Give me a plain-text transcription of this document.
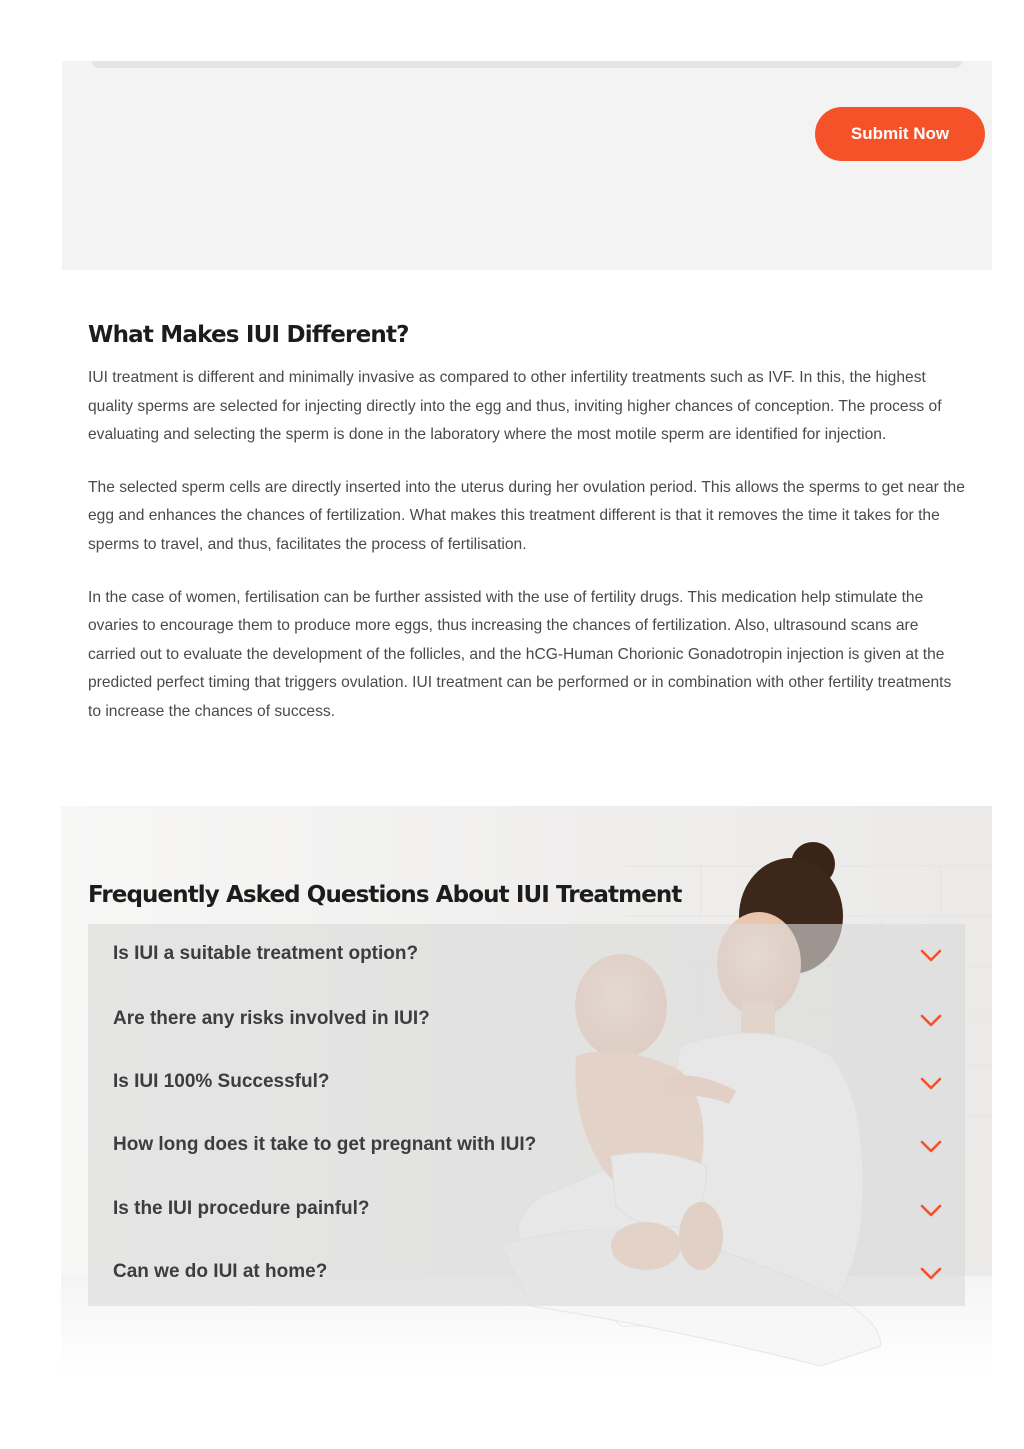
Submit Now
What Makes IUI Different?

IUI treatment is different and minimally invasive as compared to other infertility treatments such as IVF. In this, the highest quality sperms are selected for injecting directly into the egg and thus, inviting higher chances of conception. The process of evaluating and selecting the sperm is done in the laboratory where the most motile sperm are identified for injection.

The selected sperm cells are directly inserted into the uterus during her ovulation period. This allows the sperms to get near the egg and enhances the chances of fertilization. What makes this treatment different is that it removes the time it takes for the sperms to travel, and thus, facilitates the process of fertilisation.

In the case of women, fertilisation can be further assisted with the use of fertility drugs. This medication help stimulate the ovaries to encourage them to produce more eggs, thus increasing the chances of fertilization. Also, ultrasound scans are carried out to evaluate the development of the follicles, and the hCG-Human Chorionic Gonadotropin injection is given at the predicted perfect timing that triggers ovulation. IUI treatment can be performed or in combination with other fertility treatments to increase the chances of success.

Frequently Asked Questions About IUI Treatment
Is IUI a suitable treatment option?
Are there any risks involved in IUI?
Is IUI 100% Successful?
How long does it take to get pregnant with IUI?
Is the IUI procedure painful?
Can we do IUI at home?
